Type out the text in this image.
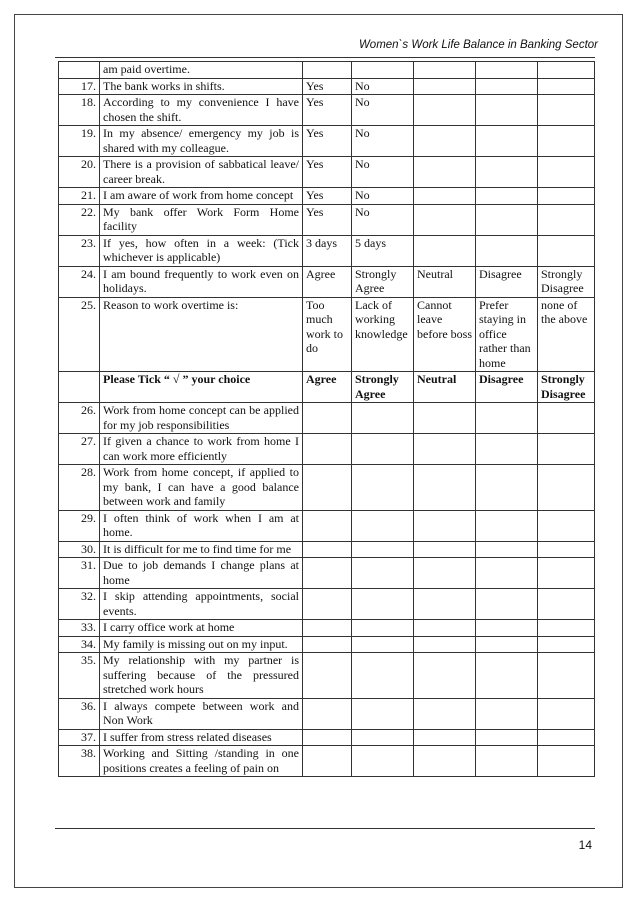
Women`s Work Life Balance in Banking Sector
	am paid overtime.					
17.	The bank works in shifts.	Yes	No			
18.	According to my convenience I have chosen the shift.	Yes	No			
19.	In my absence/ emergency my job is shared with my colleague.	Yes	No			
20.	There is a provision of sabbatical leave/ career break.	Yes	No			
21.	I am aware of work from home concept	Yes	No			
22.	My bank offer Work Form Home facility	Yes	No			
23.	If yes, how often in a week: (Tick whichever is applicable)	3 days	5 days			
24.	I am bound frequently to work even on holidays.	Agree	Strongly Agree	Neutral	Disagree	Strongly Disagree
25.	Reason to work overtime is:	Too much work to do	Lack of working knowledge	Cannot leave before boss	Prefer staying in office rather than home	none of the above
	Please Tick “ √ ” your choice	Agree	Strongly Agree	Neutral	Disagree	Strongly Disagree
26.	Work from home concept can be applied for my job responsibilities					
27.	If given a chance to work from home I can work more efficiently					
28.	Work from home concept, if applied to my bank, I can have a good balance between work and family					
29.	I often think of work when I am at home.					
30.	It is difficult for me to find time for me					
31.	Due to job demands I change plans at home					
32.	I skip attending appointments, social events.					
33.	I carry office work at home					
34.	My family is missing out on my input.					
35.	My relationship with my partner is suffering because of the pressured stretched work hours					
36.	I always compete between work and Non Work					
37.	I suffer from stress related diseases					
38.	Working and Sitting /standing in one positions creates a feeling of pain on					
14
